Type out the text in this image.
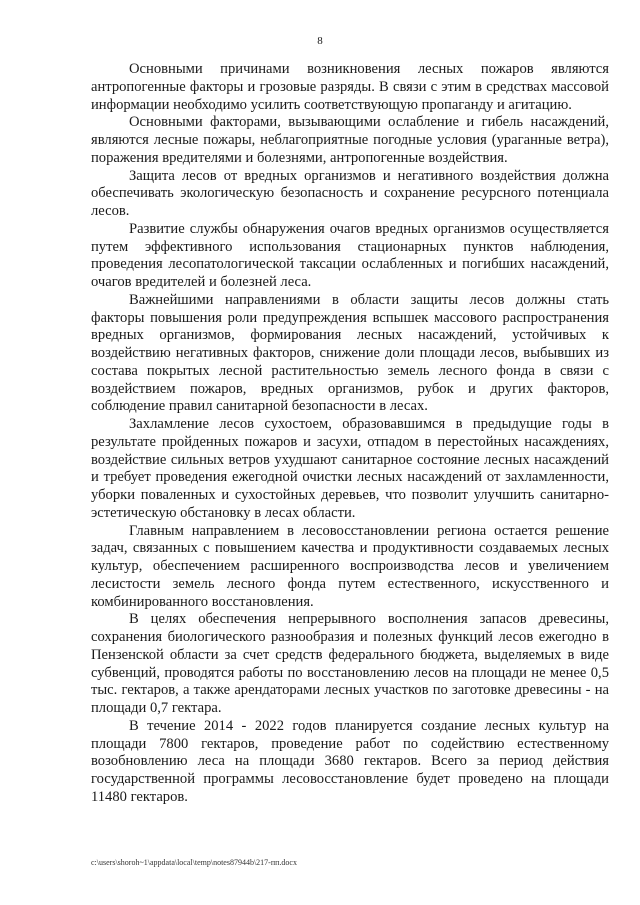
8

Основными причинами возникновения лесных пожаров являются антропогенные факторы и грозовые разряды. В связи с этим в средствах массовой информации необходимо усилить соответствующую пропаганду и агитацию.

Основными факторами, вызывающими ослабление и гибель насаждений, являются лесные пожары, неблагоприятные погодные условия (ураганные ветра), поражения вредителями и болезнями, антропогенные воздействия.

Защита лесов от вредных организмов и негативного воздействия должна обеспечивать экологическую безопасность и сохранение ресурсного потенциала лесов.

Развитие службы обнаружения очагов вредных организмов осуществляется путем эффективного использования стационарных пунктов наблюдения, проведения лесопатологической таксации ослабленных и погибших насаждений, очагов вредителей и болезней леса.

Важнейшими направлениями в области защиты лесов должны стать факторы повышения роли предупреждения вспышек массового распространения вредных организмов, формирования лесных насаждений, устойчивых к воздействию негативных факторов, снижение доли площади лесов, выбывших из состава покрытых лесной растительностью земель лесного фонда в связи с воздействием пожаров, вредных организмов, рубок и других факторов, соблюдение правил санитарной безопасности в лесах.

Захламление лесов сухостоем, образовавшимся в предыдущие годы в результате пройденных пожаров и засухи, отпадом в перестойных насаждениях, воздействие сильных ветров ухудшают санитарное состояние лесных насаждений и требует проведения ежегодной очистки лесных насаждений от захламленности, уборки поваленных и сухостойных деревьев, что позволит улучшить санитарно-эстетическую обстановку в лесах области.

Главным направлением в лесовосстановлении региона остается решение задач, связанных с повышением качества и продуктивности создаваемых лесных культур, обеспечением расширенного воспроизводства лесов и увеличением лесистости земель лесного фонда путем естественного, искусственного и комбинированного восстановления.

В целях обеспечения непрерывного восполнения запасов древесины, сохранения биологического разнообразия и полезных функций лесов ежегодно в Пензенской области за счет средств федерального бюджета, выделяемых в виде субвенций, проводятся работы по восстановлению лесов на площади не менее 0,5 тыс. гектаров, а также арендаторами лесных участков по заготовке древесины - на площади 0,7 гектара.

В течение 2014 - 2022 годов планируется создание лесных культур на площади 7800 гектаров, проведение работ по содействию естественному возобновлению леса на площади 3680 гектаров. Всего за период действия государственной программы лесовосстановление будет проведено на площади 11480 гектаров.

c:\users\shoroh~1\appdata\local\temp\notes87944b\217-пп.docx
